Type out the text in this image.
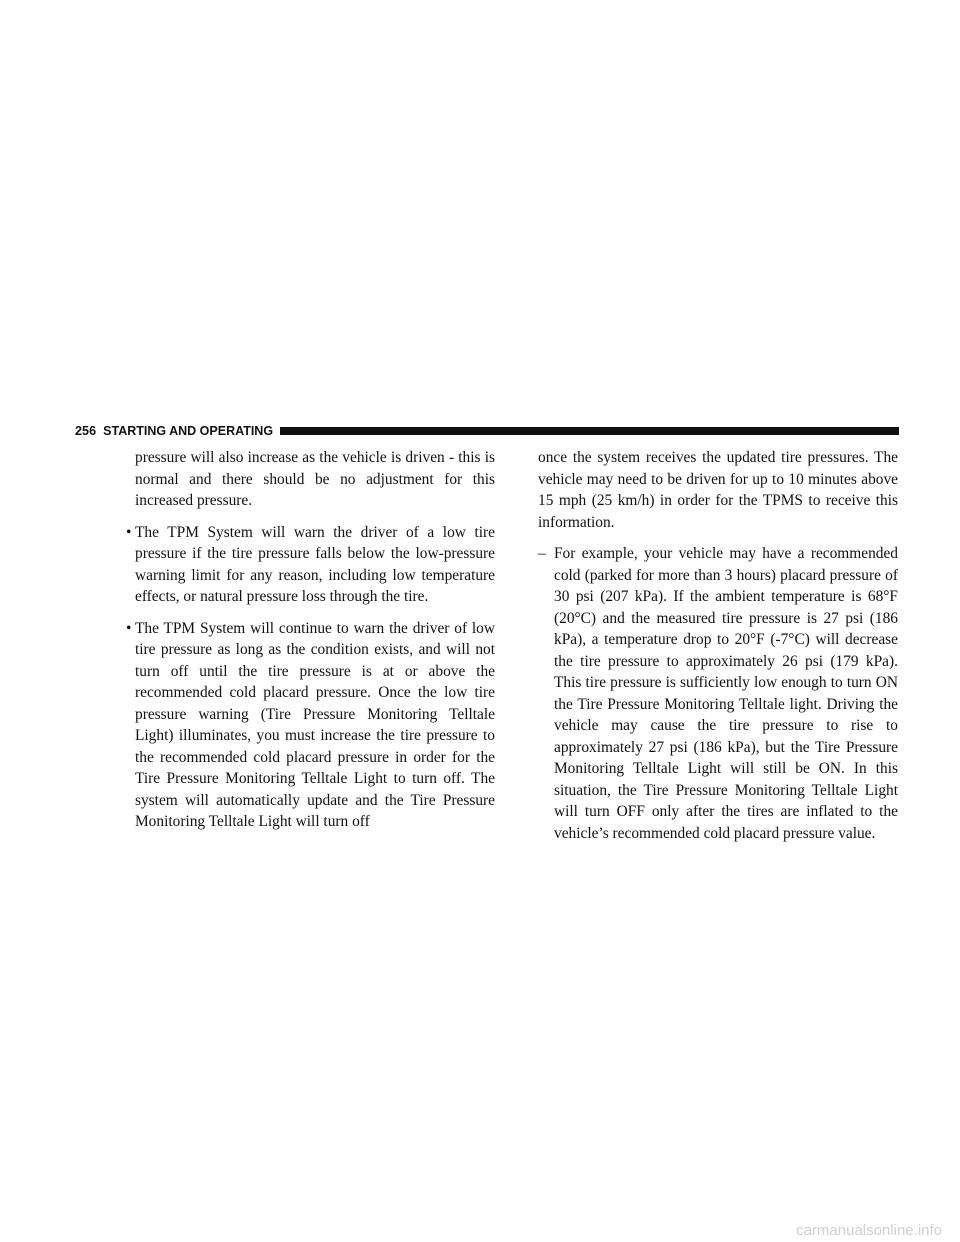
256 STARTING AND OPERATING

pressure will also increase as the vehicle is driven - this is normal and there should be no adjustment for this increased pressure.

• The TPM System will warn the driver of a low tire pressure if the tire pressure falls below the low-pressure warning limit for any reason, including low temperature effects, or natural pressure loss through the tire.

• The TPM System will continue to warn the driver of low tire pressure as long as the condition exists, and will not turn off until the tire pressure is at or above the recommended cold placard pressure. Once the low tire pressure warning (Tire Pressure Monitoring Telltale Light) illuminates, you must increase the tire pressure to the recommended cold placard pressure in order for the Tire Pressure Monitoring Telltale Light to turn off. The system will automatically update and the Tire Pressure Monitoring Telltale Light will turn off

once the system receives the updated tire pressures. The vehicle may need to be driven for up to 10 minutes above 15 mph (25 km/h) in order for the TPMS to receive this information.

– For example, your vehicle may have a recommended cold (parked for more than 3 hours) placard pressure of 30 psi (207 kPa). If the ambient temperature is 68°F (20°C) and the measured tire pressure is 27 psi (186 kPa), a temperature drop to 20°F (-7°C) will decrease the tire pressure to approximately 26 psi (179 kPa). This tire pressure is sufficiently low enough to turn ON the Tire Pressure Monitoring Telltale light. Driving the vehicle may cause the tire pressure to rise to approximately 27 psi (186 kPa), but the Tire Pressure Monitoring Telltale Light will still be ON. In this situation, the Tire Pressure Monitoring Telltale Light will turn OFF only after the tires are inflated to the vehicle’s recommended cold placard pressure value.

carmanualsonline.info
